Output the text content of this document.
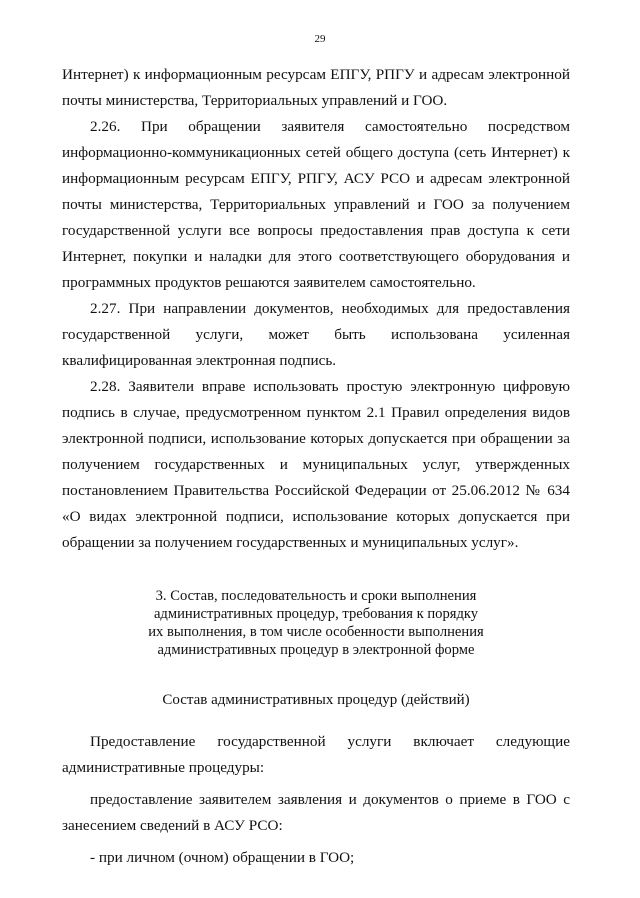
29

Интернет) к информационным ресурсам ЕПГУ, РПГУ и адресам электронной почты министерства, Территориальных управлений и ГОО.

2.26. При обращении заявителя самостоятельно посредством информационно-коммуникационных сетей общего доступа (сеть Интернет) к информационным ресурсам ЕПГУ, РПГУ, АСУ РСО и адресам электронной почты министерства, Территориальных управлений и ГОО за получением государственной услуги все вопросы предоставления прав доступа к сети Интернет, покупки и наладки для этого соответствующего оборудования и программных продуктов решаются заявителем самостоятельно.

2.27. При направлении документов, необходимых для предоставления государственной услуги, может быть использована усиленная квалифицированная электронная подпись.

2.28. Заявители вправе использовать простую электронную цифровую подпись в случае, предусмотренном пунктом 2.1 Правил определения видов электронной подписи, использование которых допускается при обращении за получением государственных и муниципальных услуг, утвержденных постановлением Правительства Российской Федерации от 25.06.2012 № 634 «О видах электронной подписи, использование которых допускается при обращении за получением государственных и муниципальных услуг».

3. Состав, последовательность и сроки выполнения
административных процедур, требования к порядку
их выполнения, в том числе особенности выполнения
административных процедур в электронной форме

Состав административных процедур (действий)

Предоставление государственной услуги включает следующие административные процедуры:

предоставление заявителем заявления и документов о приеме в ГОО с занесением сведений в АСУ РСО:

- при личном (очном) обращении в ГОО;
